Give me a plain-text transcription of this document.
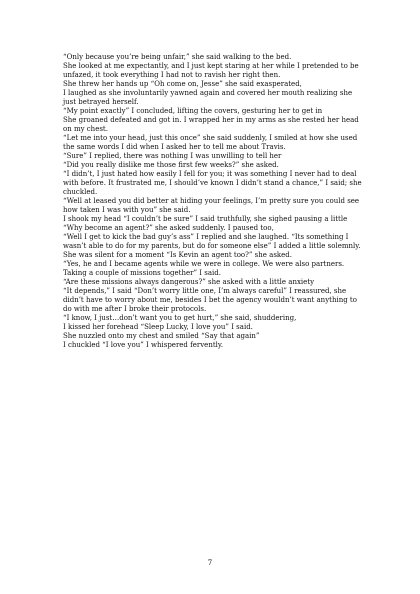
“Only because you’re being unfair,” she said walking to the bed.

She looked at me expectantly, and I just kept staring at her while I pretended to be unfazed, it took everything I had not to ravish her right then.

She threw her hands up “Oh come on, Jesse” she said exasperated,

I laughed as she involuntarily yawned again and covered her mouth realizing she just betrayed herself.

“My point exactly” I concluded, lifting the covers, gesturing her to get in

She groaned defeated and got in. I wrapped her in my arms as she rested her head on my chest.

“Let me into your head, just this once” she said suddenly, I smiled at how she used the same words I did when I asked her to tell me about Travis.

“Sure” I replied, there was nothing I was unwilling to tell her

“Did you really dislike me those first few weeks?” she asked.

“I didn’t, I just hated how easily I fell for you; it was something I never had to deal with before. It frustrated me, I should’ve known I didn’t stand a chance,” I said; she chuckled.

“Well at leased you did better at hiding your feelings, I’m pretty sure you could see how taken I was with you” she said.

I shook my head “I couldn’t be sure” I said truthfully, she sighed pausing a little

“Why become an agent?” she asked suddenly. I paused too,

“Well I get to kick the bad guy’s ass” I replied and she laughed. “Its something I wasn’t able to do for my parents, but do for someone else” I added a little solemnly.

She was silent for a moment “Is Kevin an agent too?” she asked.

“Yes, he and I became agents while we were in college. We were also partners. Taking a couple of missions together” I said.

“Are these missions always dangerous?” she asked with a little anxiety

“It depends,” I said “Don’t worry little one, I’m always careful” I reassured, she didn’t have to worry about me, besides I bet the agency wouldn’t want anything to do with me after I broke their protocols.

“I know, I just…don’t want you to get hurt,” she said, shuddering,

I kissed her forehead “Sleep Lucky, I love you” I said.

She nuzzled onto my chest and smiled “Say that again”

I chuckled “I love you” I whispered fervently.

7
